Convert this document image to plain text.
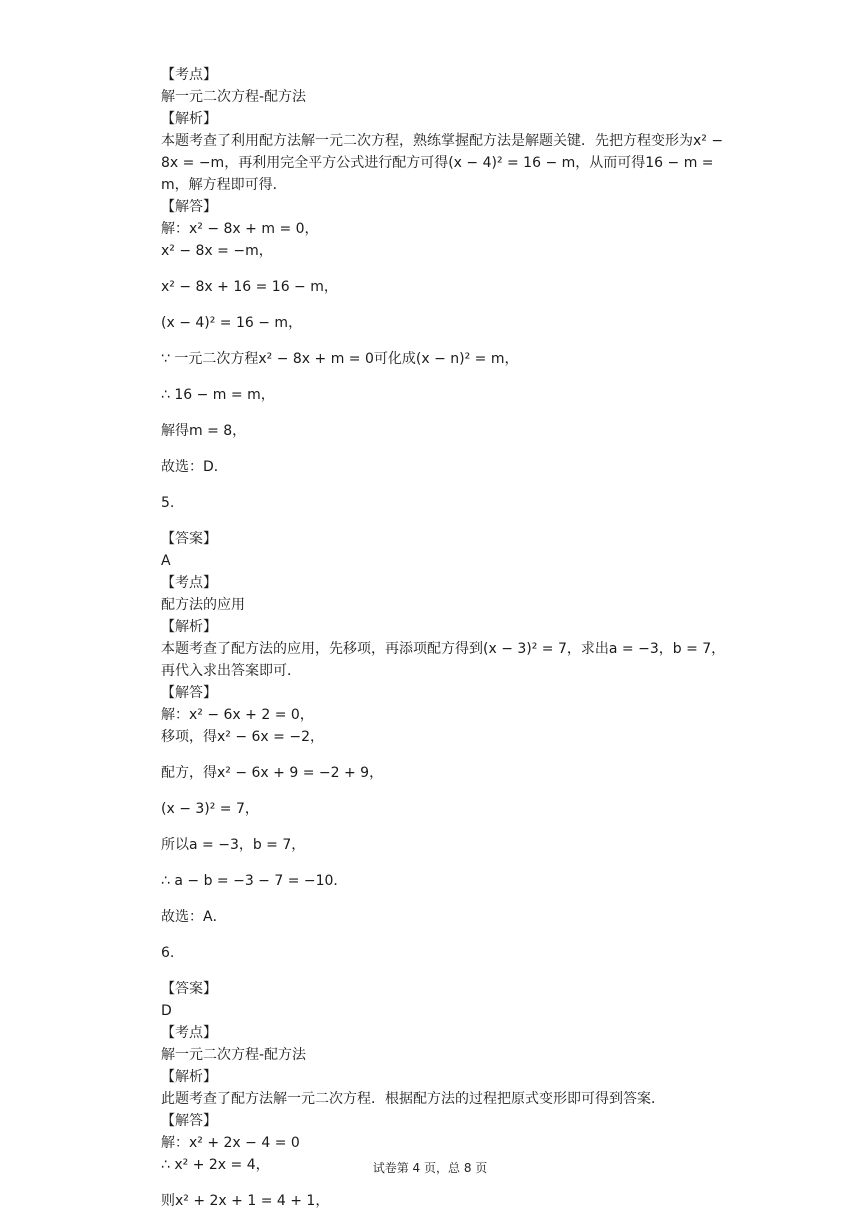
【考点】
解一元二次方程-配方法
【解析】
本题考查了利用配方法解一元二次方程，熟练掌握配方法是解题关键．先把方程变形为x² − 8x = −m，再利用完全平方公式进行配方可得(x − 4)² = 16 − m，从而可得16 − m = m，解方程即可得．
【解答】
解：x² − 8x + m = 0，
x² − 8x = −m，
x² − 8x + 16 = 16 − m，
(x − 4)² = 16 − m，
∵ 一元二次方程x² − 8x + m = 0可化成(x − n)² = m，
∴ 16 − m = m，
解得m = 8，
故选：D．
5.
【答案】
A
【考点】
配方法的应用
【解析】
本题考查了配方法的应用，先移项，再添项配方得到(x − 3)² = 7，求出a = −3，b = 7，再代入求出答案即可．
【解答】
解：x² − 6x + 2 = 0，
移项，得x² − 6x = −2，
配方，得x² − 6x + 9 = −2 + 9，
(x − 3)² = 7，
所以a = −3，b = 7，
∴ a − b = −3 − 7 = −10．
故选：A．
6.
【答案】
D
【考点】
解一元二次方程-配方法
【解析】
此题考查了配方法解一元二次方程．根据配方法的过程把原式变形即可得到答案．
【解答】
解：x² + 2x − 4 = 0
∴ x² + 2x = 4，
则x² + 2x + 1 = 4 + 1，
试卷第 4 页，总 8 页
